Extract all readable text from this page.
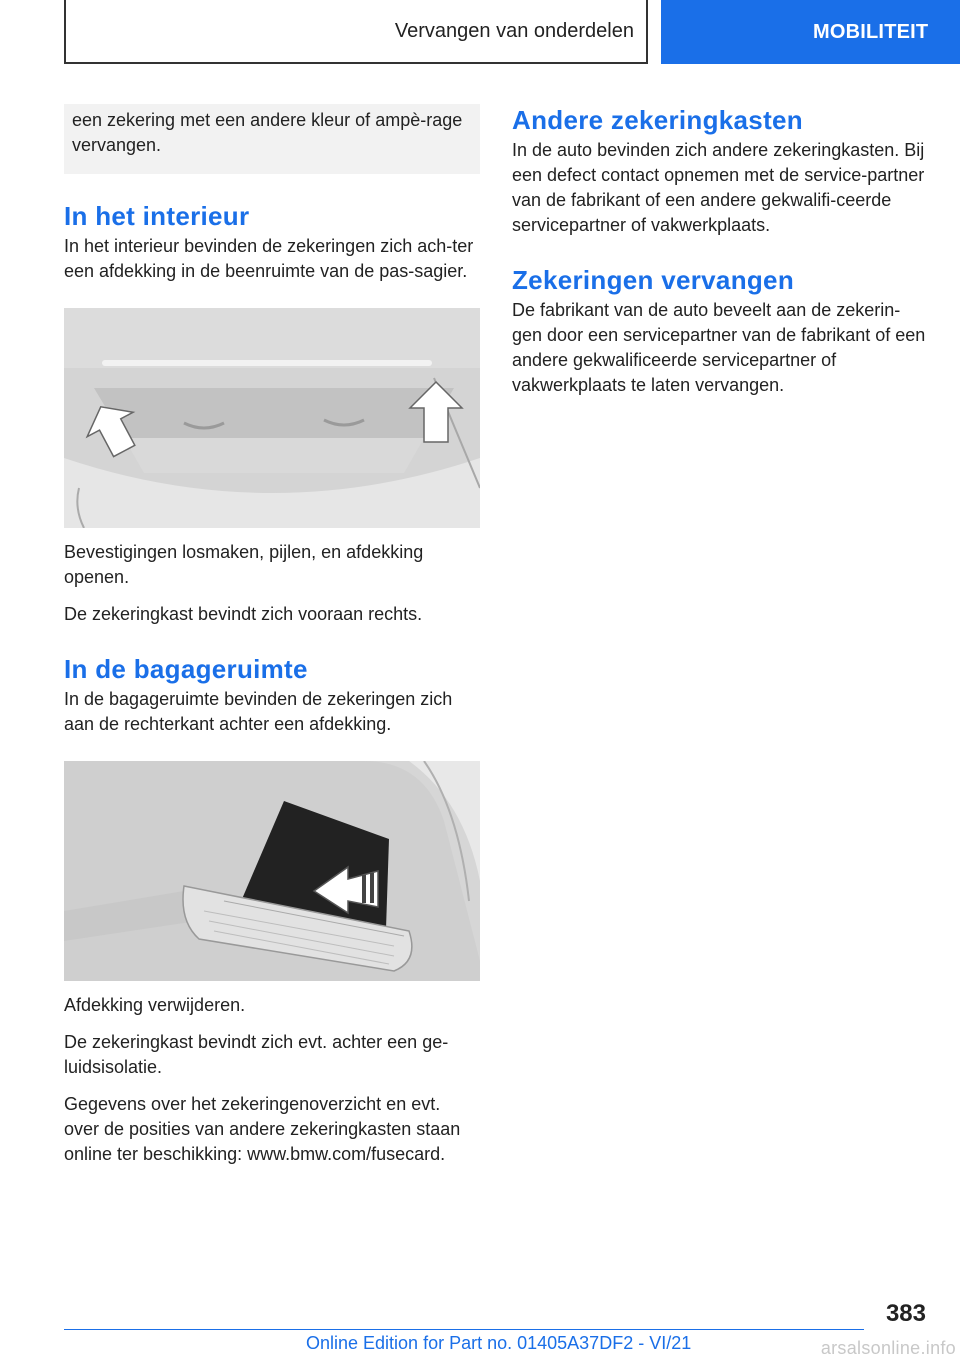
Vervangen van onderdelen	MOBILITEIT

een zekering met een andere kleur of ampè-rage vervangen.

In het interieur

In het interieur bevinden de zekeringen zich ach-ter een afdekking in de beenruimte van de pas-sagier.

Bevestigingen losmaken, pijlen, en afdekking openen.

De zekeringkast bevindt zich vooraan rechts.

In de bagageruimte

In de bagageruimte bevinden de zekeringen zich aan de rechterkant achter een afdekking.

Afdekking verwijderen.

De zekeringkast bevindt zich evt. achter een ge-luidsisolatie.

Gegevens over het zekeringenoverzicht en evt. over de posities van andere zekeringkasten staan online ter beschikking: www.bmw.com/fusecard.

Andere zekeringkasten

In de auto bevinden zich andere zekeringkasten. Bij een defect contact opnemen met de service-partner van de fabrikant of een andere gekwalifi-ceerde servicepartner of vakwerkplaats.

Zekeringen vervangen

De fabrikant van de auto beveelt aan de zekerin-gen door een servicepartner van de fabrikant of een andere gekwalificeerde servicepartner of vakwerkplaats te laten vervangen.

383
Online Edition for Part no. 01405A37DF2 - VI/21	arsalsonline.info
